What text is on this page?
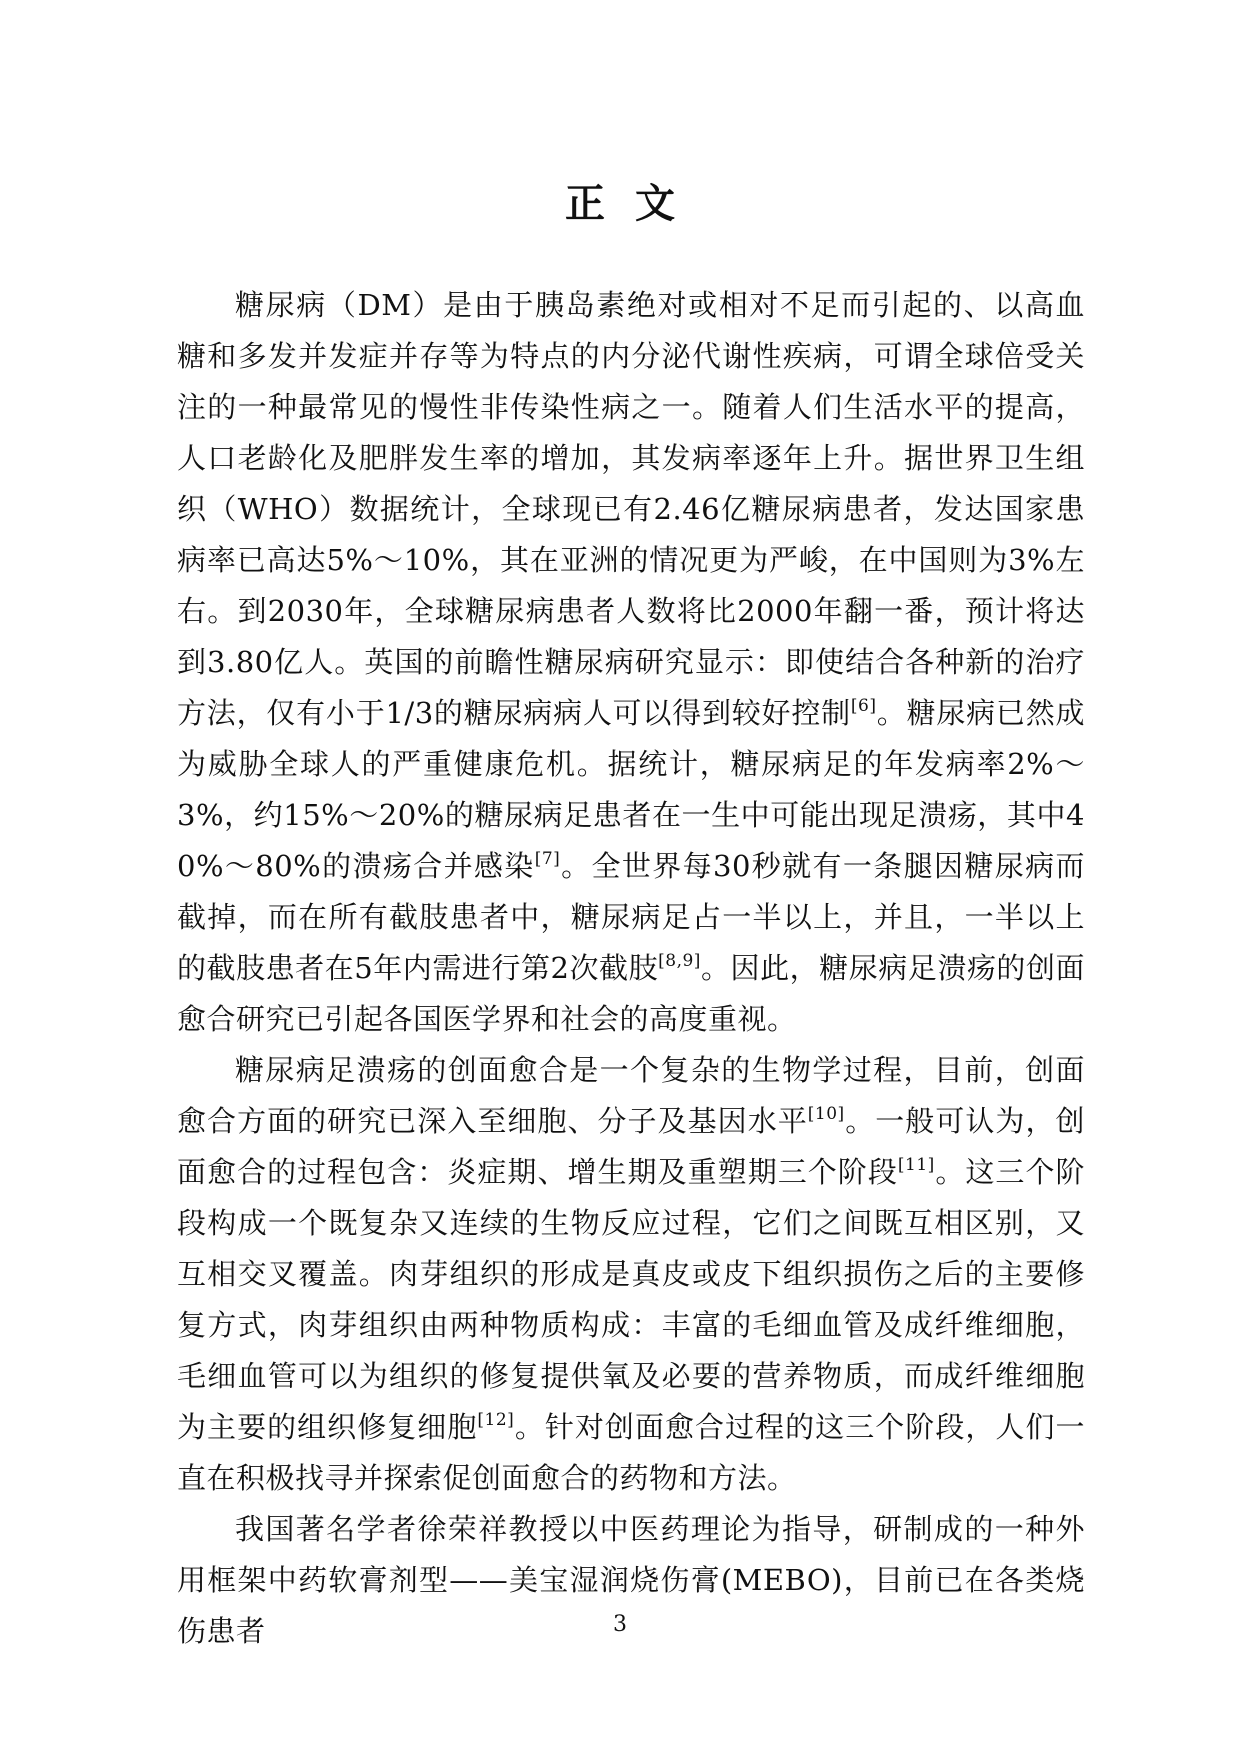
正文

糖尿病（DM）是由于胰岛素绝对或相对不足而引起的、以高血糖和多发并发症并存等为特点的内分泌代谢性疾病，可谓全球倍受关注的一种最常见的慢性非传染性病之一。随着人们生活水平的提高，人口老龄化及肥胖发生率的增加，其发病率逐年上升。据世界卫生组织（WHO）数据统计，全球现已有2.46亿糖尿病患者，发达国家患病率已高达5%～10%，其在亚洲的情况更为严峻，在中国则为3%左右。到2030年，全球糖尿病患者人数将比2000年翻一番，预计将达到3.80亿人。英国的前瞻性糖尿病研究显示：即使结合各种新的治疗方法，仅有小于1/3的糖尿病病人可以得到较好控制[6]。糖尿病已然成为威胁全球人的严重健康危机。据统计，糖尿病足的年发病率2%～3%，约15%～20%的糖尿病足患者在一生中可能出现足溃疡，其中40%～80%的溃疡合并感染[7]。全世界每30秒就有一条腿因糖尿病而截掉，而在所有截肢患者中，糖尿病足占一半以上，并且，一半以上的截肢患者在5年内需进行第2次截肢[8,9]。因此，糖尿病足溃疡的创面愈合研究已引起各国医学界和社会的高度重视。

糖尿病足溃疡的创面愈合是一个复杂的生物学过程，目前，创面愈合方面的研究已深入至细胞、分子及基因水平[10]。一般可认为，创面愈合的过程包含：炎症期、增生期及重塑期三个阶段[11]。这三个阶段构成一个既复杂又连续的生物反应过程，它们之间既互相区别，又互相交叉覆盖。肉芽组织的形成是真皮或皮下组织损伤之后的主要修复方式，肉芽组织由两种物质构成：丰富的毛细血管及成纤维细胞，毛细血管可以为组织的修复提供氧及必要的营养物质，而成纤维细胞为主要的组织修复细胞[12]。针对创面愈合过程的这三个阶段，人们一直在积极找寻并探索促创面愈合的药物和方法。

我国著名学者徐荣祥教授以中医药理论为指导，研制成的一种外用框架中药软膏剂型——美宝湿润烧伤膏(MEBO)，目前已在各类烧伤患者	3
